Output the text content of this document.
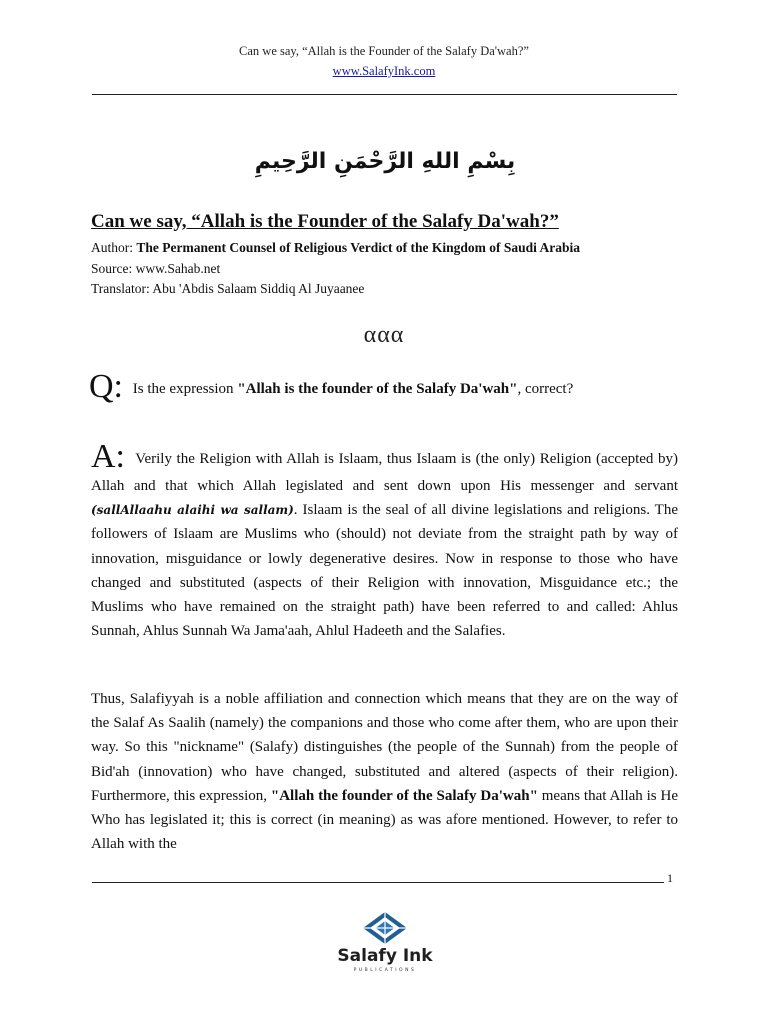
Can we say, “Allah is the Founder of the Salafy Da'wah?”
www.SalafyInk.com
بِسْمِ اللهِ الرَّحْمَنِ الرَّحِيمِ
Can we say, “Allah is the Founder of the Salafy Da'wah?”
Author: The Permanent Counsel of Religious Verdict of the Kingdom of Saudi Arabia
Source: www.Sahab.net
Translator: Abu 'Abdis Salaam Siddiq Al Juyaanee
ααα
Q: Is the expression "Allah is the founder of the Salafy Da'wah", correct?
A: Verily the Religion with Allah is Islaam, thus Islaam is (the only) Religion (accepted by) Allah and that which Allah legislated and sent down upon His messenger and servant (sallAllaahu alaihi wa sallam). Islaam is the seal of all divine legislations and religions. The followers of Islaam are Muslims who (should) not deviate from the straight path by way of innovation, misguidance or lowly degenerative desires. Now in response to those who have changed and substituted (aspects of their Religion with innovation, Misguidance etc.; the Muslims who have remained on the straight path) have been referred to and called: Ahlus Sunnah, Ahlus Sunnah Wa Jama'aah, Ahlul Hadeeth and the Salafies.
Thus, Salafiyyah is a noble affiliation and connection which means that they are on the way of the Salaf As Saalih (namely) the companions and those who come after them, who are upon their way. So this "nickname" (Salafy) distinguishes (the people of the Sunnah) from the people of Bid'ah (innovation) who have changed, substituted and altered (aspects of their religion). Furthermore, this expression, "Allah the founder of the Salafy Da'wah" means that Allah is He Who has legislated it; this is correct (in meaning) as was afore mentioned. However, to refer to Allah with the
1
Salafy Ink
PUBLICATIONS
